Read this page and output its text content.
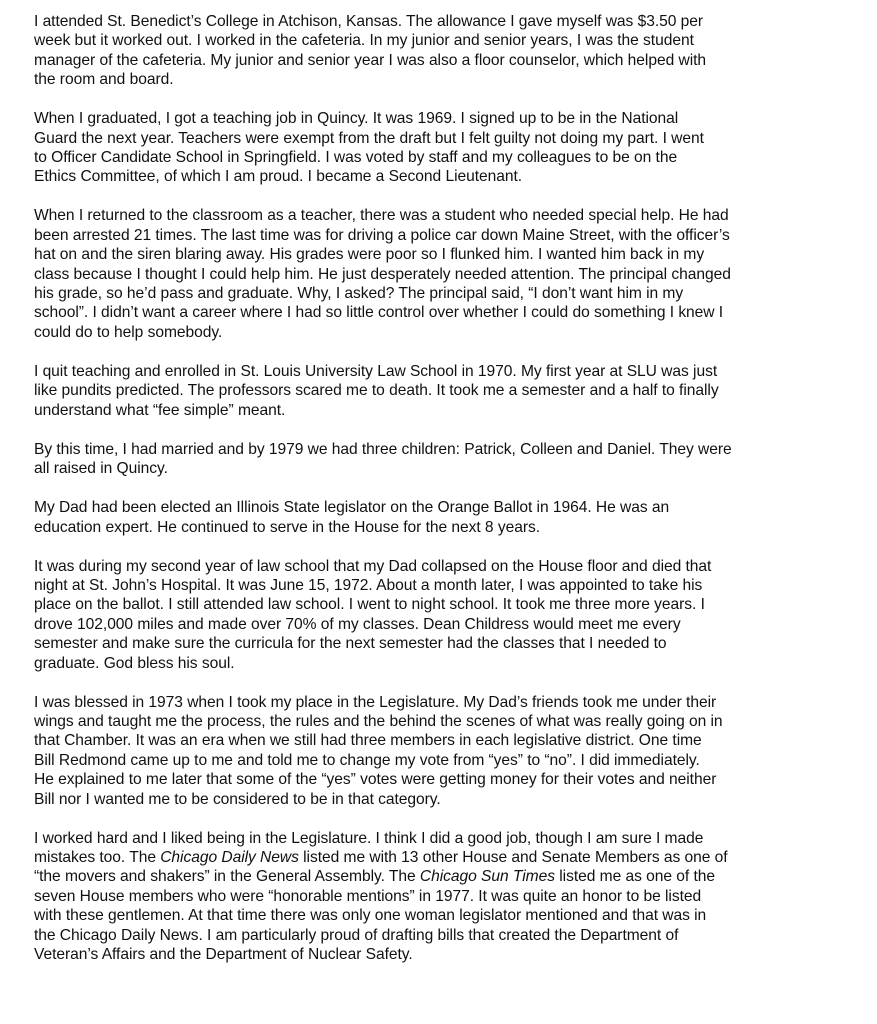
I attended St. Benedict’s College in Atchison, Kansas. The allowance I gave myself was $3.50 per
week but it worked out. I worked in the cafeteria. In my junior and senior years, I was the student
manager of the cafeteria. My junior and senior year I was also a floor counselor, which helped with
the room and board.

When I graduated, I got a teaching job in Quincy. It was 1969. I signed up to be in the National
Guard the next year. Teachers were exempt from the draft but I felt guilty not doing my part. I went
to Officer Candidate School in Springfield. I was voted by staff and my colleagues to be on the
Ethics Committee, of which I am proud. I became a Second Lieutenant.

When I returned to the classroom as a teacher, there was a student who needed special help. He had
been arrested 21 times. The last time was for driving a police car down Maine Street, with the officer’s
hat on and the siren blaring away. His grades were poor so I flunked him. I wanted him back in my
class because I thought I could help him. He just desperately needed attention. The principal changed
his grade, so he’d pass and graduate. Why, I asked? The principal said, “I don’t want him in my
school”. I didn’t want a career where I had so little control over whether I could do something I knew I
could do to help somebody.

I quit teaching and enrolled in St. Louis University Law School in 1970. My first year at SLU was just
like pundits predicted. The professors scared me to death. It took me a semester and a half to finally
understand what “fee simple” meant.

By this time, I had married and by 1979 we had three children: Patrick, Colleen and Daniel. They were
all raised in Quincy.

My Dad had been elected an Illinois State legislator on the Orange Ballot in 1964. He was an
education expert. He continued to serve in the House for the next 8 years.

It was during my second year of law school that my Dad collapsed on the House floor and died that
night at St. John’s Hospital. It was June 15, 1972. About a month later, I was appointed to take his
place on the ballot. I still attended law school. I went to night school. It took me three more years. I
drove 102,000 miles and made over 70% of my classes. Dean Childress would meet me every
semester and make sure the curricula for the next semester had the classes that I needed to
graduate. God bless his soul.

I was blessed in 1973 when I took my place in the Legislature. My Dad’s friends took me under their
wings and taught me the process, the rules and the behind the scenes of what was really going on in
that Chamber. It was an era when we still had three members in each legislative district. One time
Bill Redmond came up to me and told me to change my vote from “yes” to “no”. I did immediately.
He explained to me later that some of the “yes” votes were getting money for their votes and neither
Bill nor I wanted me to be considered to be in that category.

I worked hard and I liked being in the Legislature. I think I did a good job, though I am sure I made
mistakes too. The Chicago Daily News listed me with 13 other House and Senate Members as one of
“the movers and shakers” in the General Assembly. The Chicago Sun Times listed me as one of the
seven House members who were “honorable mentions” in 1977. It was quite an honor to be listed
with these gentlemen. At that time there was only one woman legislator mentioned and that was in
the Chicago Daily News. I am particularly proud of drafting bills that created the Department of
Veteran’s Affairs and the Department of Nuclear Safety.
